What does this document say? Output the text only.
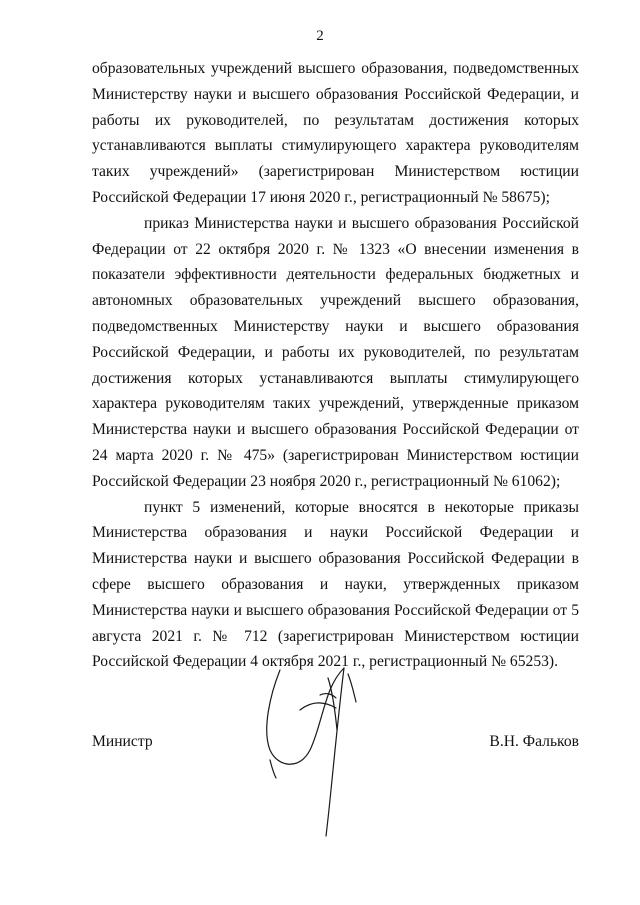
2

образовательных учреждений высшего образования, подведомственных Министерству науки и высшего образования Российской Федерации, и работы их руководителей, по результатам достижения которых устанавливаются выплаты стимулирующего характера руководителям таких учреждений» (зарегистрирован Министерством юстиции Российской Федерации 17 июня 2020 г., регистрационный № 58675);

приказ Министерства науки и высшего образования Российской Федерации от 22 октября 2020 г. № 1323 «О внесении изменения в показатели эффективности деятельности федеральных бюджетных и автономных образовательных учреждений высшего образования, подведомственных Министерству науки и высшего образования Российской Федерации, и работы их руководителей, по результатам достижения которых устанавливаются выплаты стимулирующего характера руководителям таких учреждений, утвержденные приказом Министерства науки и высшего образования Российской Федерации от 24 марта 2020 г. № 475» (зарегистрирован Министерством юстиции Российской Федерации 23 ноября 2020 г., регистрационный № 61062);

пункт 5 изменений, которые вносятся в некоторые приказы Министерства образования и науки Российской Федерации и Министерства науки и высшего образования Российской Федерации в сфере высшего образования и науки, утвержденных приказом Министерства науки и высшего образования Российской Федерации от 5 августа 2021 г. № 712 (зарегистрирован Министерством юстиции Российской Федерации 4 октября 2021 г., регистрационный № 65253).

Министр	В.Н. Фальков
